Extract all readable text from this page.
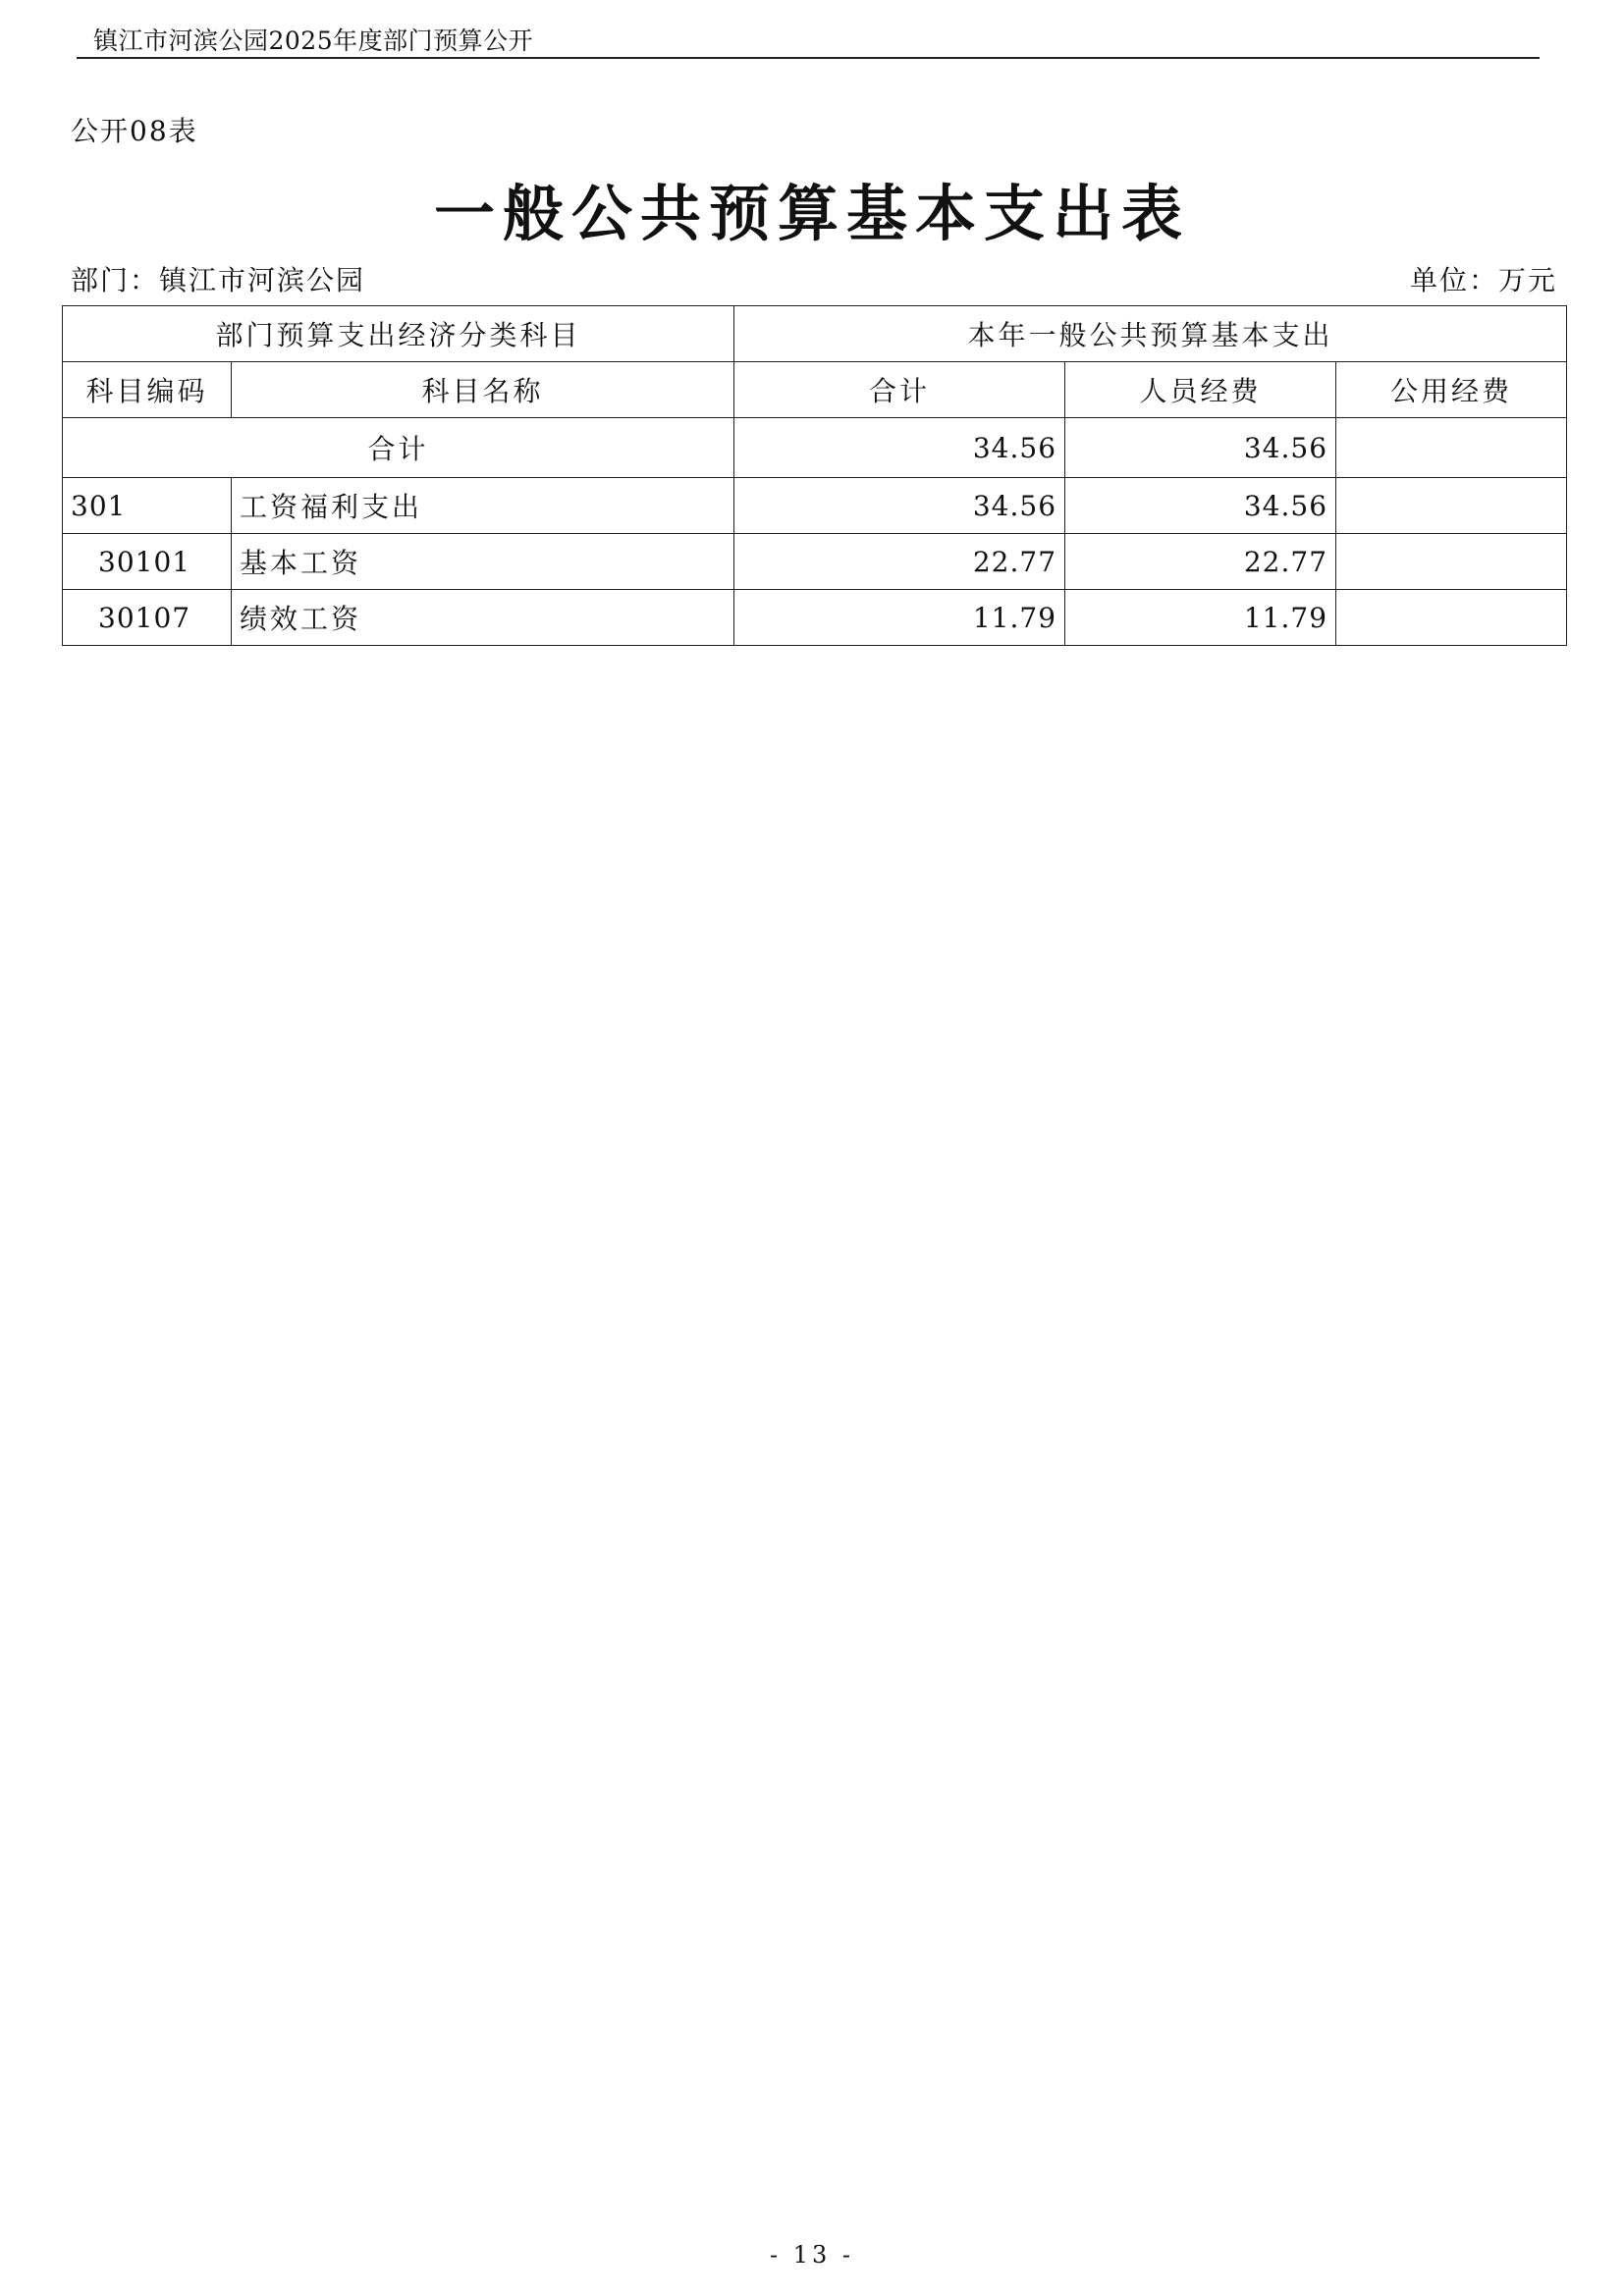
镇江市河滨公园2025年度部门预算公开
公开08表
一般公共预算基本支出表
部门：镇江市河滨公园	单位：万元
部门预算支出经济分类科目		本年一般公共预算基本支出		
科目编码	科目名称	合计	人员经费	公用经费
合计		34.56	34.56	
301	工资福利支出	34.56	34.56	
30101	基本工资	22.77	22.77	
30107	绩效工资	11.79	11.79	
- 13 -
